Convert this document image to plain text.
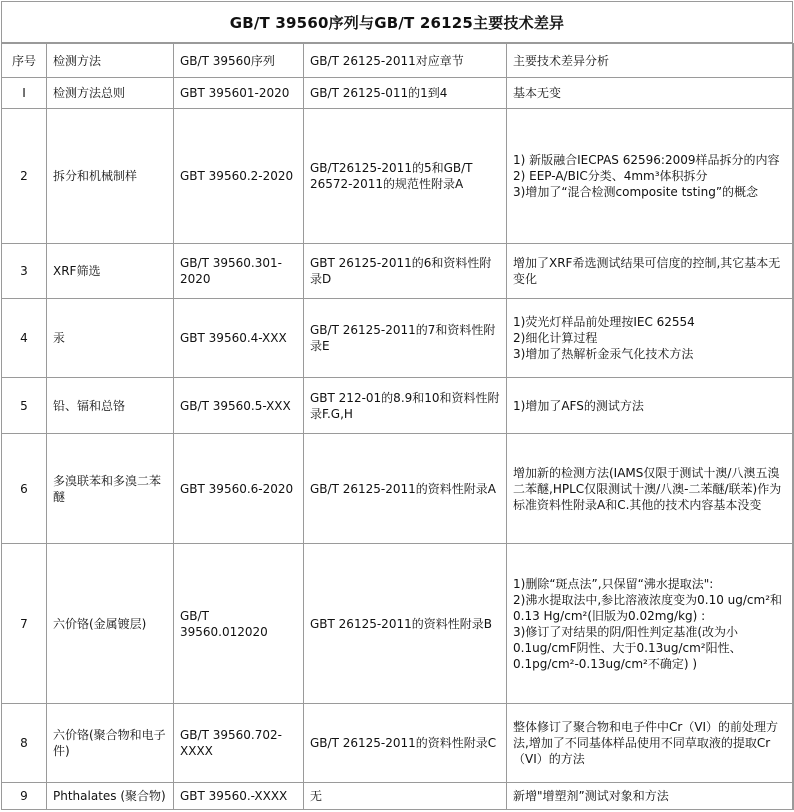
GB/T 39560序列与GB/T 26125主要技术差异
序号	检测方法	GB/T 39560序列	GB/T 26125-2011对应章节	主要技术差异分析
I	检测方法总则	GBT 395601-2020	GB/T 26125-011的1到4	基本无变
2	拆分和机械制样	GBT 39560.2-2020	GB/T26125-2011的5和GB/T 26572-2011的规范性附录A	1) 新版融合IECPAS 62596:2009样品拆分的内容
2) EEP-A/BIC分类、4mm³体积拆分
3)增加了“混合检测composite tsting”的概念
3	XRF筛选	GB/T 39560.301-2020	GBT 26125-2011的6和资料性附录D	增加了XRF希选测试结果可信度的控制,其它基本无变化
4	汞	GBT 39560.4-XXX	GB/T 26125-2011的7和资料性附录E	1)荧光灯样品前处理按IEC 62554
2)细化计算过程
3)增加了热解析金汞气化技术方法
5	铅、镉和总铬	GB/T 39560.5-XXX	GBT 212-01的8.9和10和资料性附录F.G,H	1)增加了AFS的测试方法
6	多溴联苯和多溴二苯醚	GBT 39560.6-2020	GB/T 26125-2011的资料性附录A	增加新的检测方法(IAMS仅限于测试十澳/八澳五溴二苯醚,HPLC仅限测试十澳/八澳-二苯醚/联苯)作为标准资料性附录A和C.其他的技术内容基本没变
7	六价铬(金属镀层)	GB/T 39560.012020	GBT 26125-2011的资料性附录B	1)删除“斑点法”,只保留“沸水提取法":
2)沸水提取法中,参比溶液浓度变为0.10 ug/cm²和0.13 Hg/cm²(旧版为0.02mg/kg) :
3)修订了对结果的阴/阳性判定基准(改为小0.1ug/cmF阴性、大于0.13ug/cm²阳性、0.1pg/cm²-0.13ug/cm²不确定) )
8	六价铬(聚合物和电子件)	GB/T 39560.702-XXXX	GB/T 26125-2011的资料性附录C	整体修订了聚合物和电子件中Cr（VI）的前处理方法,增加了不同基体样品使用不同草取液的提取Cr（VI）的方法
9	Phthalates (聚合物)	GBT 39560.-XXXX	无	新增"增塑剂”测试对象和方法
